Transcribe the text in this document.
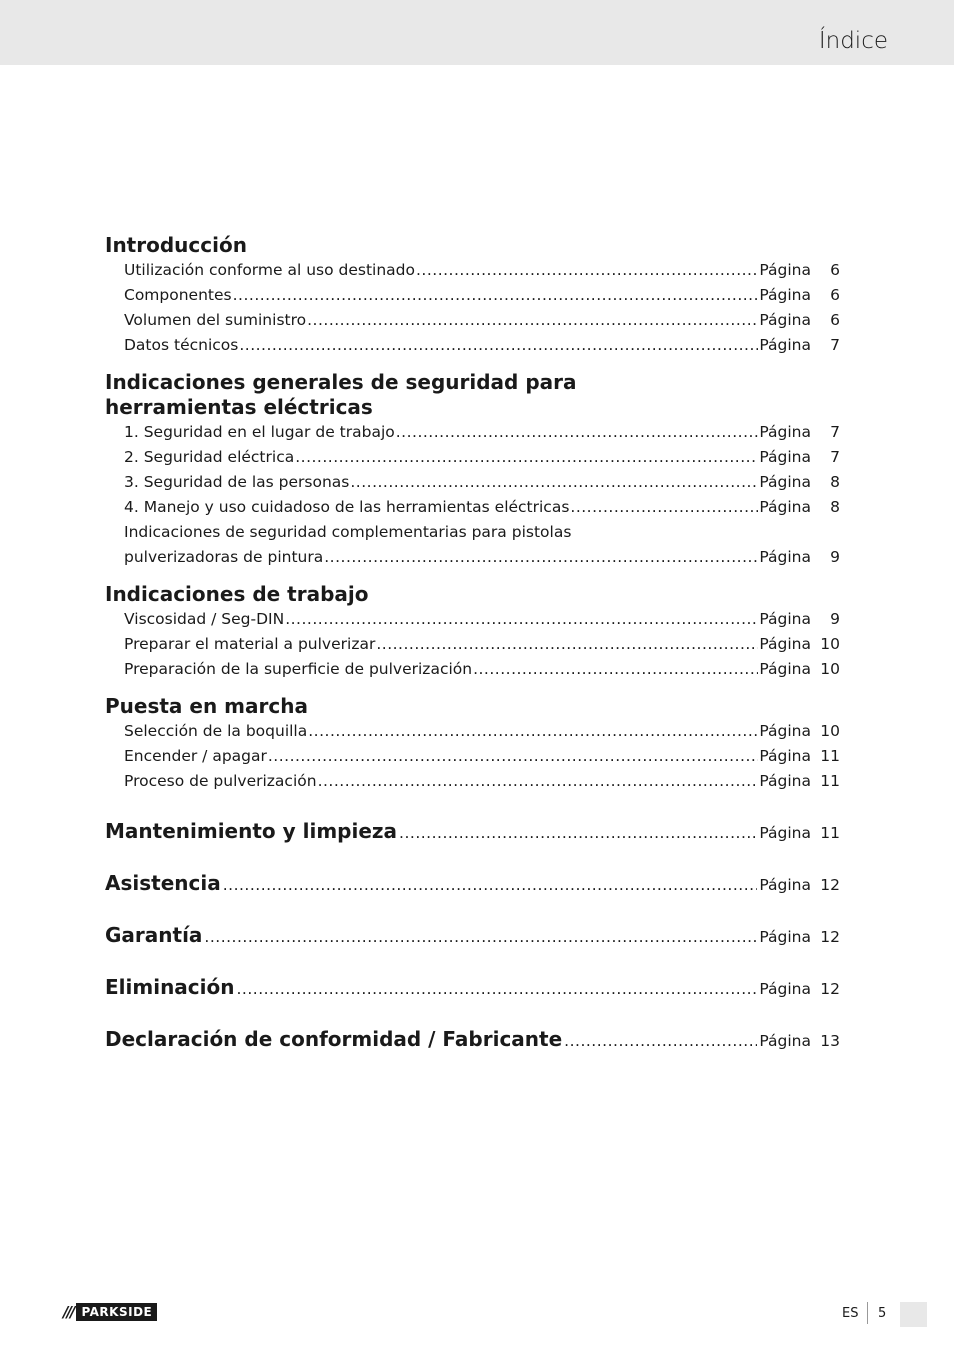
Índice
Introducción
Utilización conforme al uso destinado .....	Página	6
Componentes .....	Página	6
Volumen del suministro .....	Página	6
Datos técnicos .....	Página	7
Indicaciones generales de seguridad para
herramientas eléctricas
1. Seguridad en el lugar de trabajo .....	Página	7
2. Seguridad eléctrica .....	Página	7
3. Seguridad de las personas .....	Página	8
4. Manejo y uso cuidadoso de las herramientas eléctricas .....	Página	8
Indicaciones de seguridad complementarias para pistolas
pulverizadoras de pintura .....	Página	9
Indicaciones de trabajo
Viscosidad / Seg-DIN .....	Página	9
Preparar el material a pulverizar .....	Página 10
Preparación de la superficie de pulverización .....	Página 10
Puesta en marcha
Selección de la boquilla .....	Página 10
Encender / apagar .....	Página 11
Proceso de pulverización .....	Página 11
Mantenimiento y limpieza .....	Página 11
Asistencia .....	Página 12
Garantía .....	Página 12
Eliminación .....	Página 12
Declaración de conformidad / Fabricante .....	Página 13
/// PARKSIDE	ES 5
